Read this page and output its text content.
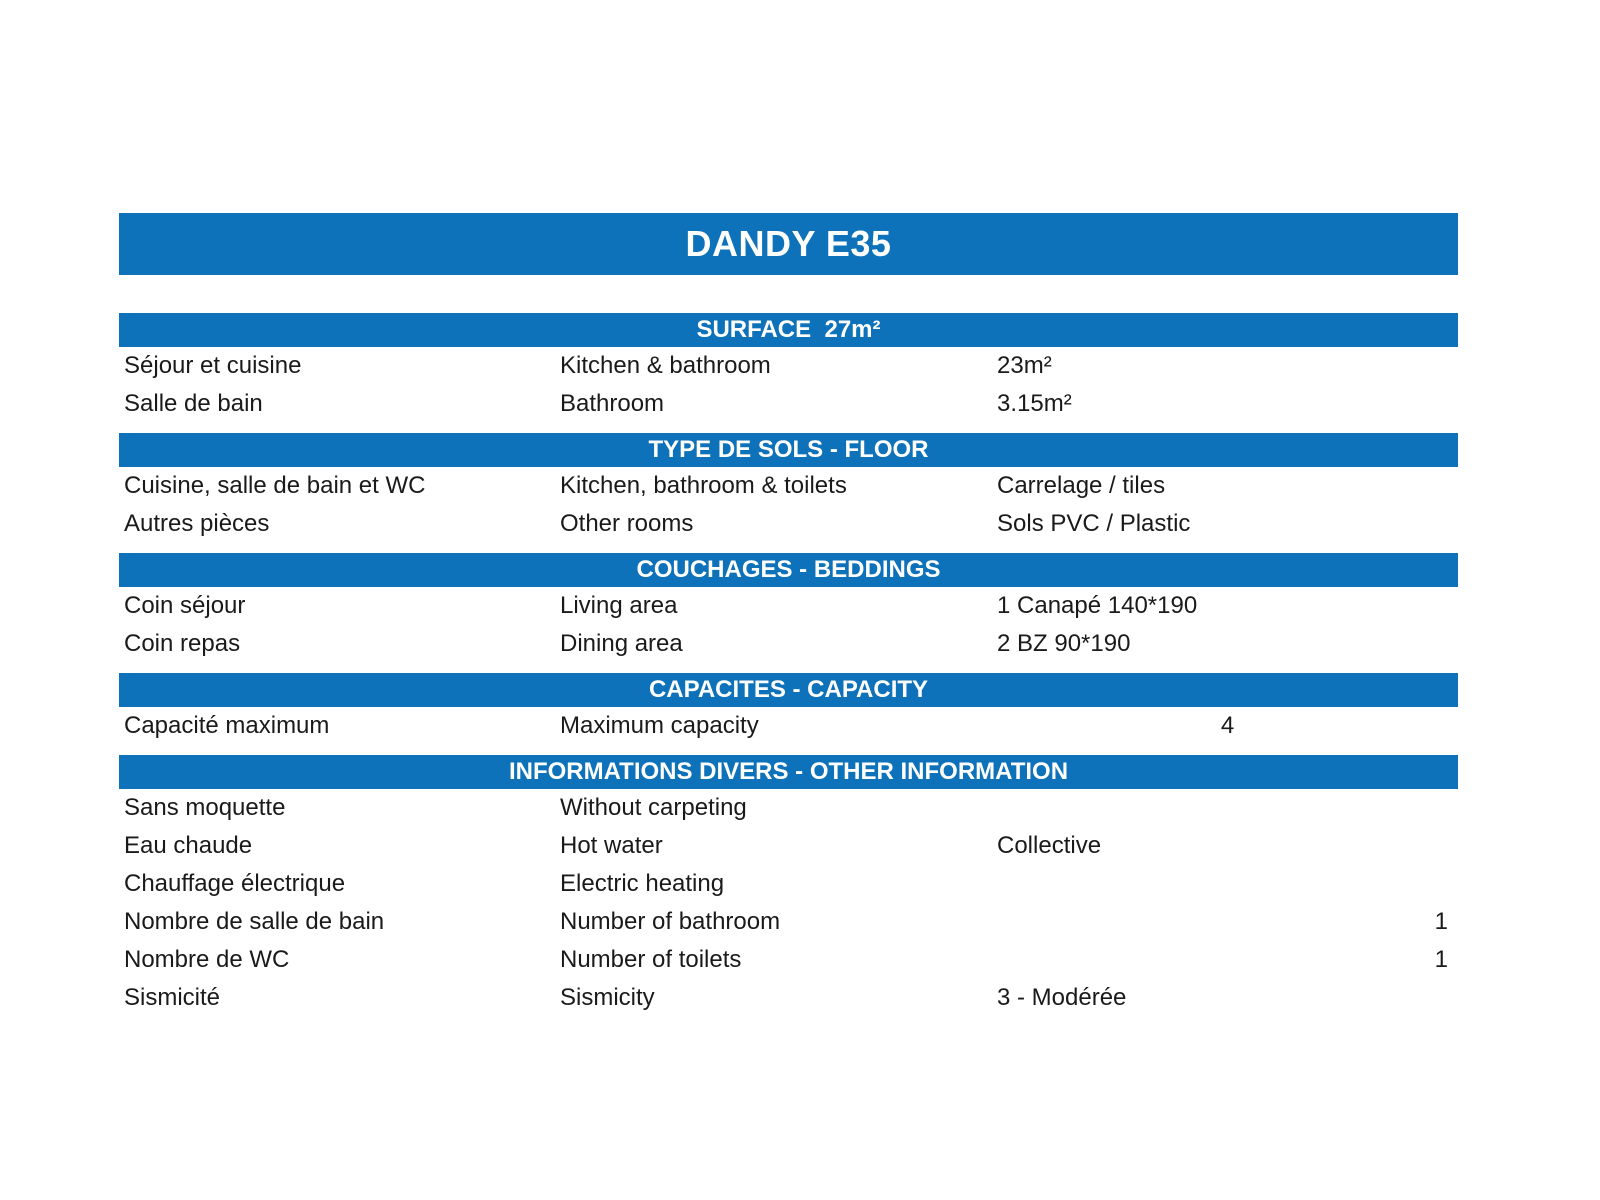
DANDY E35
SURFACE  27m²
Séjour et cuisine	Kitchen & bathroom	23m²
Salle de bain	Bathroom	3.15m²
TYPE DE SOLS - FLOOR
Cuisine, salle de bain et WC	Kitchen, bathroom & toilets	Carrelage / tiles
Autres pièces	Other rooms	Sols PVC / Plastic
COUCHAGES - BEDDINGS
Coin séjour	Living area	1 Canapé 140*190
Coin repas	Dining area	2 BZ 90*190
CAPACITES - CAPACITY
Capacité maximum	Maximum capacity	4
INFORMATIONS DIVERS - OTHER INFORMATION
Sans moquette	Without carpeting
Eau chaude	Hot water	Collective
Chauffage électrique	Electric heating
Nombre de salle de bain	Number of bathroom	1
Nombre de WC	Number of toilets	1
Sismicité	Sismicity	3 - Modérée
